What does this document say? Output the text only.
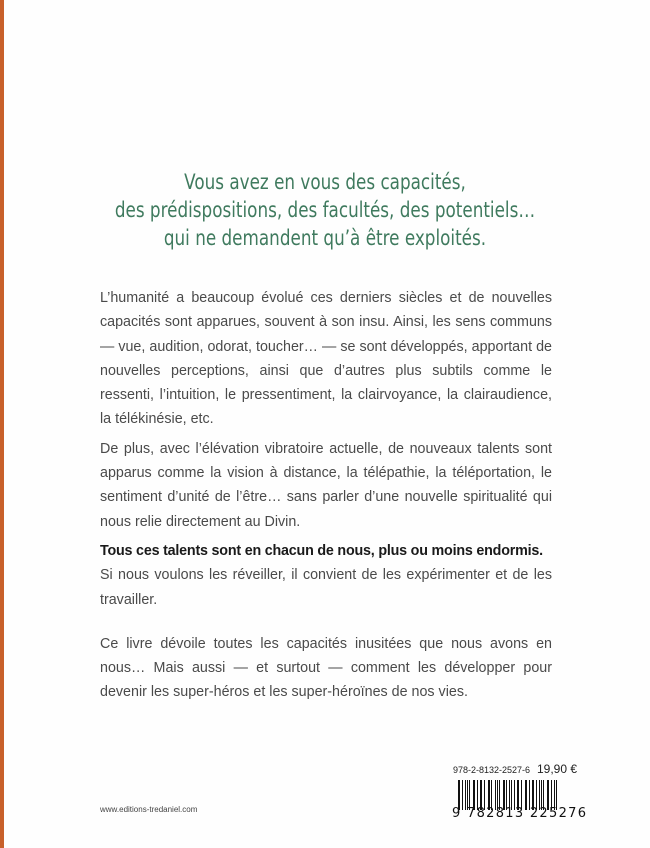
Vous avez en vous des capacités,
des prédispositions, des facultés, des potentiels…
qui ne demandent qu’à être exploités.

L’humanité a beaucoup évolué ces derniers siècles et de nouvelles capacités sont apparues, souvent à son insu. Ainsi, les sens communs — vue, audition, odorat, toucher… — se sont développés, apportant de nouvelles perceptions, ainsi que d’autres plus subtils comme le ressenti, l’intuition, le pressentiment, la clairvoyance, la clairaudience, la télékinésie, etc.

De plus, avec l’élévation vibratoire actuelle, de nouveaux talents sont apparus comme la vision à distance, la télépathie, la téléportation, le sentiment d’unité de l’être… sans parler d’une nouvelle spiritualité qui nous relie directement au Divin.

Tous ces talents sont en chacun de nous, plus ou moins endormis.
Si nous voulons les réveiller, il convient de les expérimenter et de les travailler.

Ce livre dévoile toutes les capacités inusitées que nous avons en nous… Mais aussi — et surtout — comment les développer pour devenir les super-héros et les super-héroïnes de nos vies.

www.editions-tredaniel.com
978-2-8132-2527-6 19,90 €
9 782813 225276
